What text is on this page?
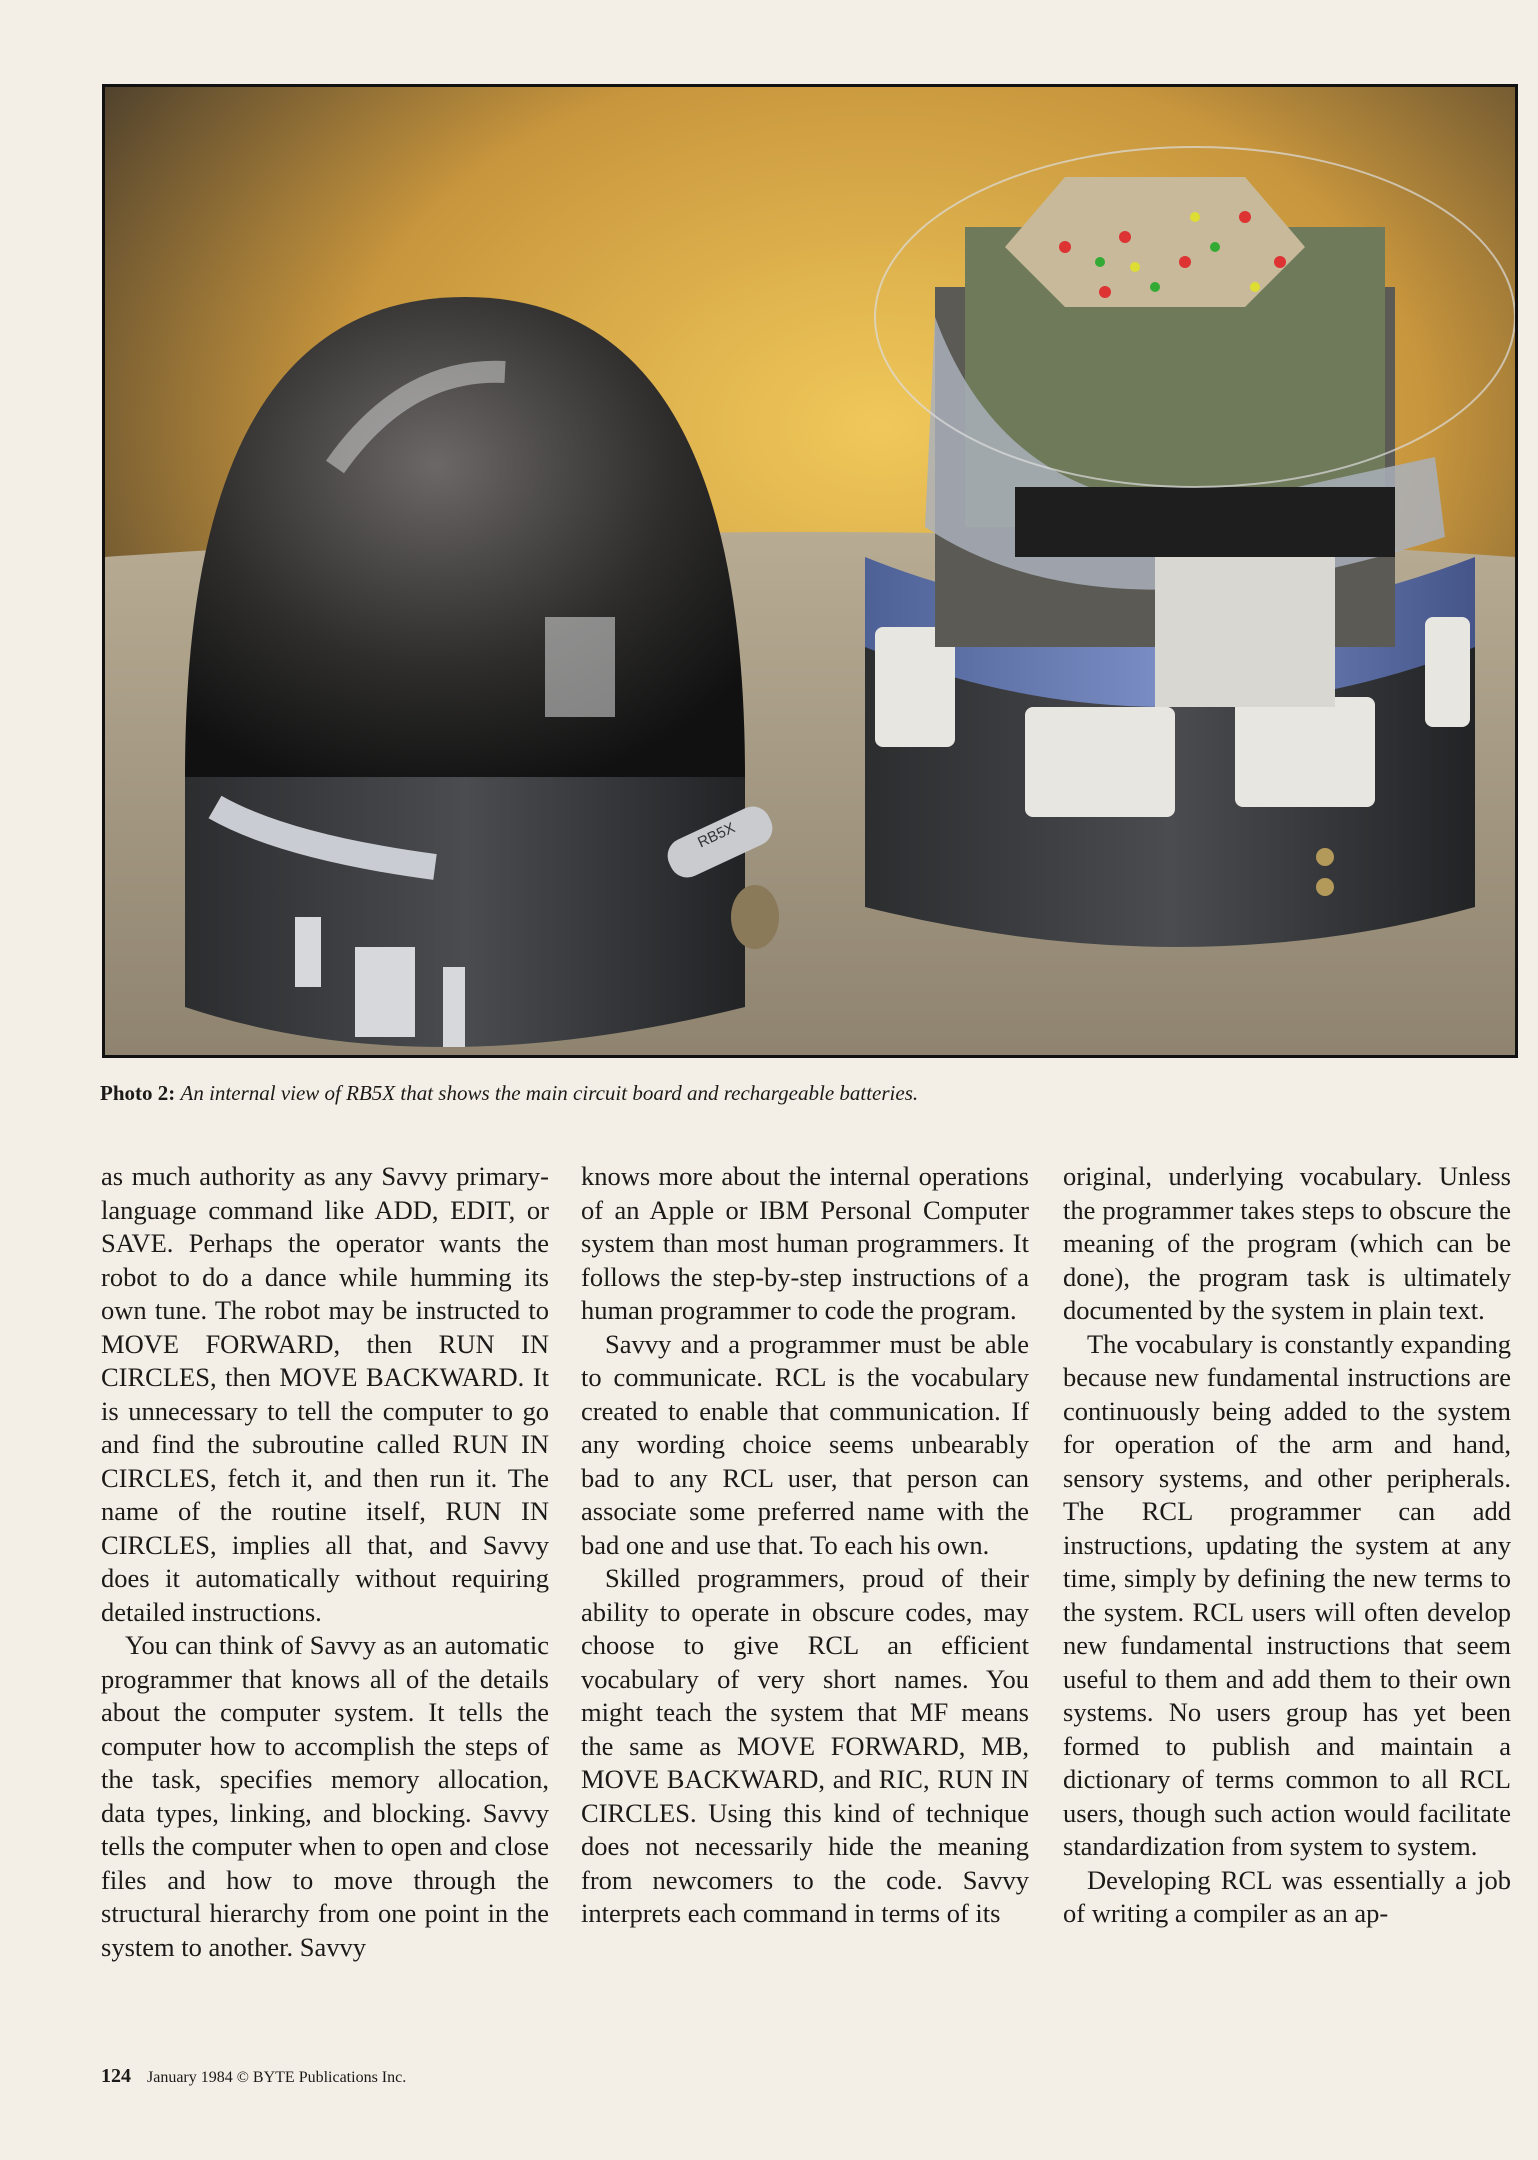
RB5X
Photo 2: An internal view of RB5X that shows the main circuit board and rechargeable batteries.

as much authority as any Savvy primary-language command like ADD, EDIT, or SAVE. Perhaps the operator wants the robot to do a dance while humming its own tune. The robot may be instructed to MOVE FORWARD, then RUN IN CIRCLES, then MOVE BACKWARD. It is unnecessary to tell the computer to go and find the subroutine called RUN IN CIRCLES, fetch it, and then run it. The name of the routine itself, RUN IN CIRCLES, implies all that, and Savvy does it automatically without requiring detailed instructions.

You can think of Savvy as an automatic programmer that knows all of the details about the computer system. It tells the computer how to accomplish the steps of the task, specifies memory allocation, data types, linking, and blocking. Savvy tells the computer when to open and close files and how to move through the structural hierarchy from one point in the system to another. Savvy

knows more about the internal operations of an Apple or IBM Personal Computer system than most human programmers. It follows the step-by-step instructions of a human programmer to code the program.

Savvy and a programmer must be able to communicate. RCL is the vocabulary created to enable that communication. If any wording choice seems unbearably bad to any RCL user, that person can associate some preferred name with the bad one and use that. To each his own.

Skilled programmers, proud of their ability to operate in obscure codes, may choose to give RCL an efficient vocabulary of very short names. You might teach the system that MF means the same as MOVE FORWARD, MB, MOVE BACKWARD, and RIC, RUN IN CIRCLES. Using this kind of technique does not necessarily hide the meaning from newcomers to the code. Savvy interprets each command in terms of its

original, underlying vocabulary. Unless the programmer takes steps to obscure the meaning of the program (which can be done), the program task is ultimately documented by the system in plain text.

The vocabulary is constantly expanding because new fundamental instructions are continuously being added to the system for operation of the arm and hand, sensory systems, and other peripherals. The RCL programmer can add instructions, updating the system at any time, simply by defining the new terms to the system. RCL users will often develop new fundamental instructions that seem useful to them and add them to their own systems. No users group has yet been formed to publish and maintain a dictionary of terms common to all RCL users, though such action would facilitate standardization from system to system.

Developing RCL was essentially a job of writing a compiler as an ap-

124 January 1984 © BYTE Publications Inc.
